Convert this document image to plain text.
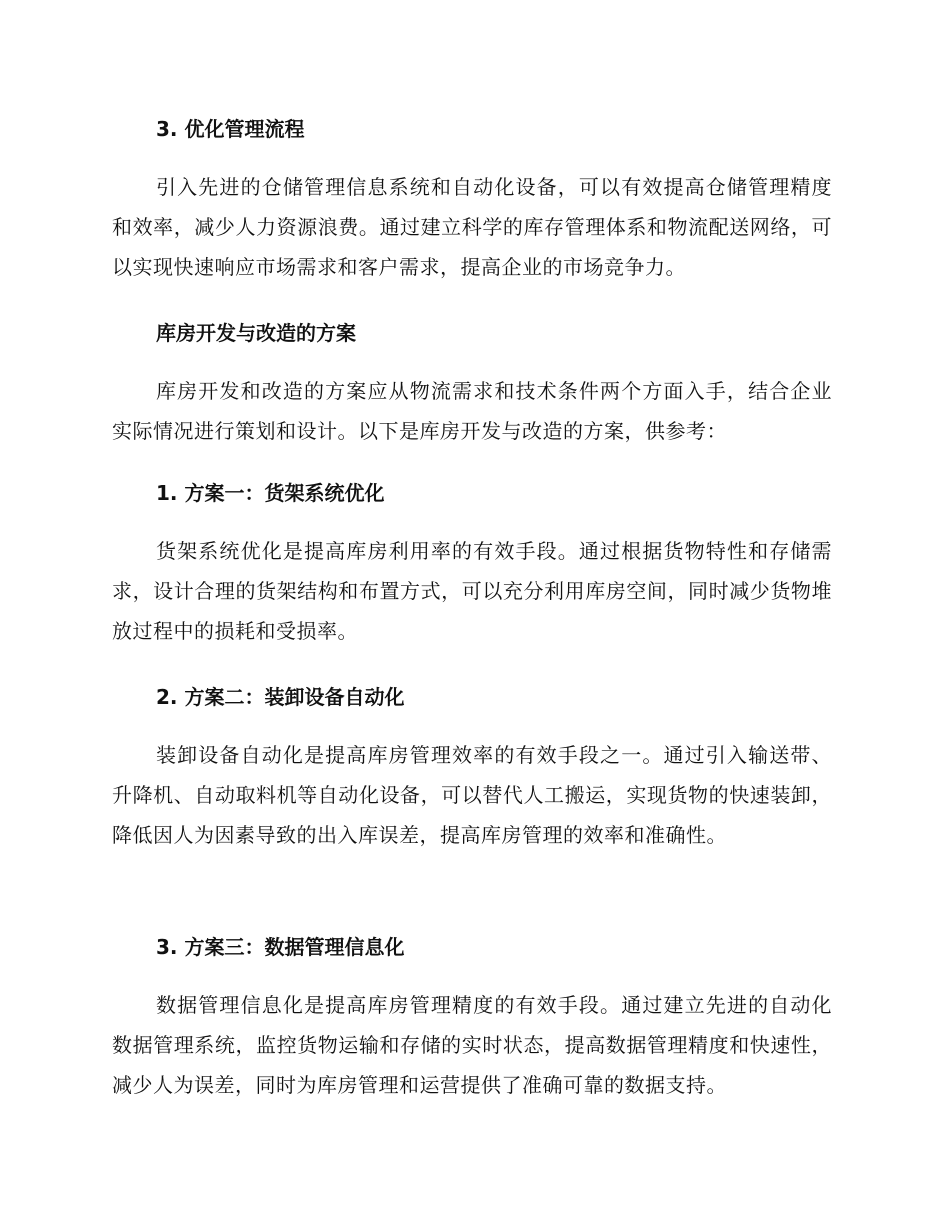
3. 优化管理流程

引入先进的仓储管理信息系统和自动化设备，可以有效提高仓储管理精度和效率，减少人力资源浪费。通过建立科学的库存管理体系和物流配送网络，可以实现快速响应市场需求和客户需求，提高企业的市场竞争力。

库房开发与改造的方案

库房开发和改造的方案应从物流需求和技术条件两个方面入手，结合企业实际情况进行策划和设计。以下是库房开发与改造的方案，供参考：

1. 方案一：货架系统优化

货架系统优化是提高库房利用率的有效手段。通过根据货物特性和存储需求，设计合理的货架结构和布置方式，可以充分利用库房空间，同时减少货物堆放过程中的损耗和受损率。

2. 方案二：装卸设备自动化

装卸设备自动化是提高库房管理效率的有效手段之一。通过引入输送带、升降机、自动取料机等自动化设备，可以替代人工搬运，实现货物的快速装卸，降低因人为因素导致的出入库误差，提高库房管理的效率和准确性。

3. 方案三：数据管理信息化

数据管理信息化是提高库房管理精度的有效手段。通过建立先进的自动化数据管理系统，监控货物运输和存储的实时状态，提高数据管理精度和快速性，减少人为误差，同时为库房管理和运营提供了准确可靠的数据支持。
